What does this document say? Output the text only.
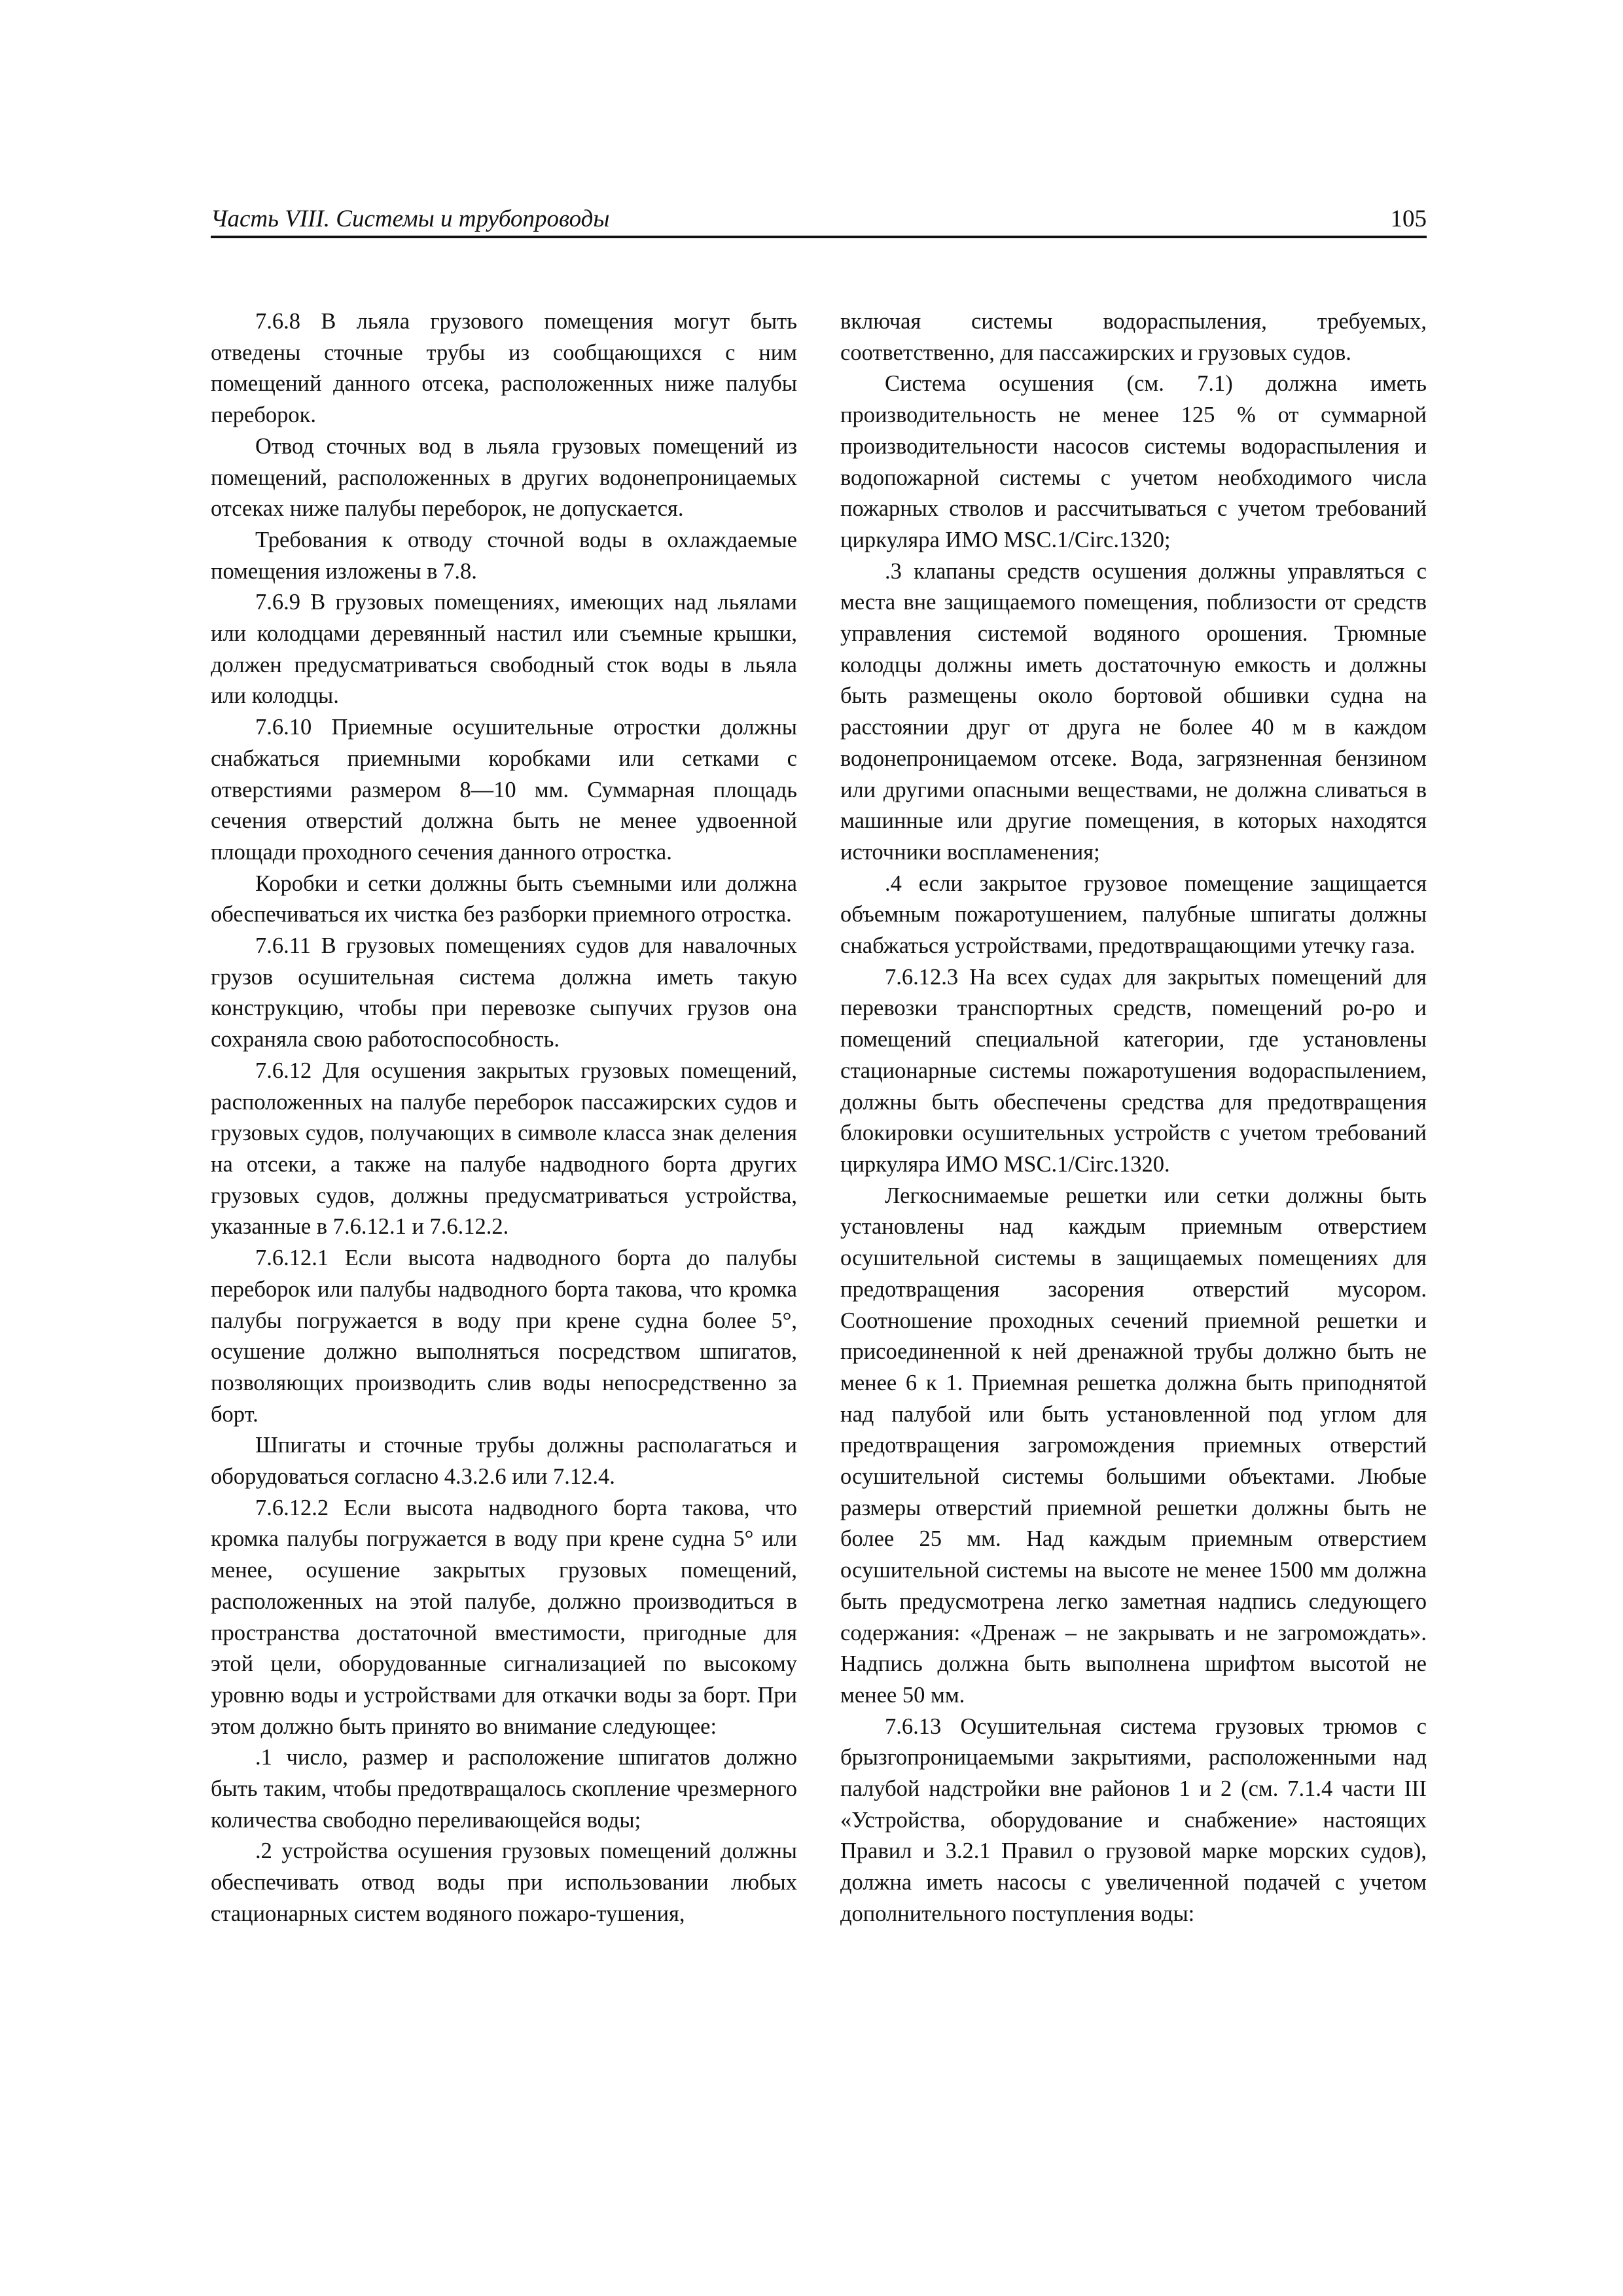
Часть VIII. Системы и трубопроводы	105

7.6.8 В льяла грузового помещения могут быть отведены сточные трубы из сообщающихся с ним помещений данного отсека, расположенных ниже палубы переборок.

Отвод сточных вод в льяла грузовых помещений из помещений, расположенных в других водонепроницаемых отсеках ниже палубы переборок, не допускается.

Требования к отводу сточной воды в охлаждаемые помещения изложены в 7.8.

7.6.9 В грузовых помещениях, имеющих над льялами или колодцами деревянный настил или съемные крышки, должен предусматриваться свободный сток воды в льяла или колодцы.

7.6.10 Приемные осушительные отростки должны снабжаться приемными коробками или сетками с отверстиями размером 8—10 мм. Суммарная площадь сечения отверстий должна быть не менее удвоенной площади проходного сечения данного отростка.

Коробки и сетки должны быть съемными или должна обеспечиваться их чистка без разборки приемного отростка.

7.6.11 В грузовых помещениях судов для навалочных грузов осушительная система должна иметь такую конструкцию, чтобы при перевозке сыпучих грузов она сохраняла свою работоспособность.

7.6.12 Для осушения закрытых грузовых помещений, расположенных на палубе переборок пассажирских судов и грузовых судов, получающих в символе класса знак деления на отсеки, а также на палубе надводного борта других грузовых судов, должны предусматриваться устройства, указанные в 7.6.12.1 и 7.6.12.2.

7.6.12.1 Если высота надводного борта до палубы переборок или палубы надводного борта такова, что кромка палубы погружается в воду при крене судна более 5°, осушение должно выполняться посредством шпигатов, позволяющих производить слив воды непосредственно за борт.

Шпигаты и сточные трубы должны располагаться и оборудоваться согласно 4.3.2.6 или 7.12.4.

7.6.12.2 Если высота надводного борта такова, что кромка палубы погружается в воду при крене судна 5° или менее, осушение закрытых грузовых помещений, расположенных на этой палубе, должно производиться в пространства достаточной вместимости, пригодные для этой цели, оборудованные сигнализацией по высокому уровню воды и устройствами для откачки воды за борт. При этом должно быть принято во внимание следующее:

.1 число, размер и расположение шпигатов должно быть таким, чтобы предотвращалось скопление чрезмерного количества свободно переливающейся воды;

.2 устройства осушения грузовых помещений должны обеспечивать отвод воды при использовании любых стационарных систем водяного пожаро-тушения,

включая системы водораспыления, требуемых, соответственно, для пассажирских и грузовых судов.

Система осушения (см. 7.1) должна иметь производительность не менее 125 % от суммарной производительности насосов системы водораспыления и водопожарной системы с учетом необходимого числа пожарных стволов и рассчитываться с учетом требований циркуляра ИМО MSC.1/Circ.1320;

.3 клапаны средств осушения должны управляться с места вне защищаемого помещения, поблизости от средств управления системой водяного орошения. Трюмные колодцы должны иметь достаточную емкость и должны быть размещены около бортовой обшивки судна на расстоянии друг от друга не более 40 м в каждом водонепроницаемом отсеке. Вода, загрязненная бензином или другими опасными веществами, не должна сливаться в машинные или другие помещения, в которых находятся источники воспламенения;

.4 если закрытое грузовое помещение защищается объемным пожаротушением, палубные шпигаты должны снабжаться устройствами, предотвращающими утечку газа.

7.6.12.3 На всех судах для закрытых помещений для перевозки транспортных средств, помещений ро-ро и помещений специальной категории, где установлены стационарные системы пожаротушения водораспылением, должны быть обеспечены средства для предотвращения блокировки осушительных устройств с учетом требований циркуляра ИМО MSC.1/Circ.1320.

Легкоснимаемые решетки или сетки должны быть установлены над каждым приемным отверстием осушительной системы в защищаемых помещениях для предотвращения засорения отверстий мусором. Соотношение проходных сечений приемной решетки и присоединенной к ней дренажной трубы должно быть не менее 6 к 1. Приемная решетка должна быть приподнятой над палубой или быть установленной под углом для предотвращения загромождения приемных отверстий осушительной системы большими объектами. Любые размеры отверстий приемной решетки должны быть не более 25 мм. Над каждым приемным отверстием осушительной системы на высоте не менее 1500 мм должна быть предусмотрена легко заметная надпись следующего содержания: «Дренаж – не закрывать и не загромождать». Надпись должна быть выполнена шрифтом высотой не менее 50 мм.

7.6.13 Осушительная система грузовых трюмов с брызгопроницаемыми закрытиями, расположенными над палубой надстройки вне районов 1 и 2 (см. 7.1.4 части III «Устройства, оборудование и снабжение» настоящих Правил и 3.2.1 Правил о грузовой марке морских судов), должна иметь насосы с увеличенной подачей с учетом дополнительного поступления воды:
